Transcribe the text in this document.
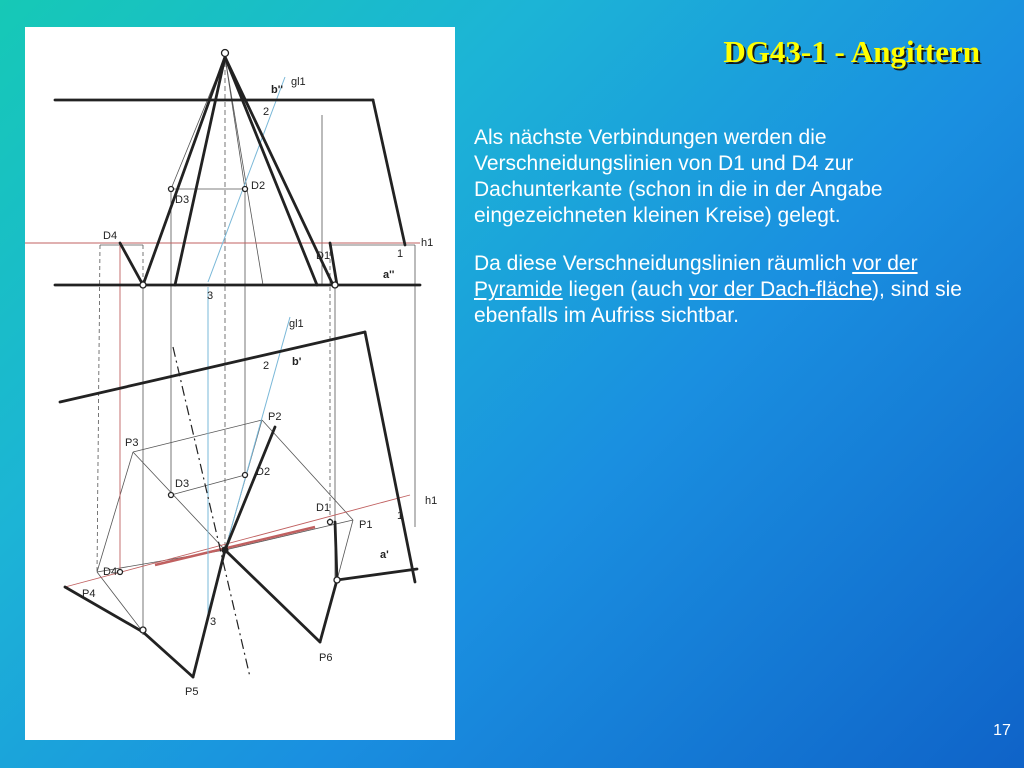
gl1
b''
2
D2
D3
D4
D1	1
h1
a''
3
gl1
2 b'
P2
P3
D2
D3
D1
P1
1
h1
a'
D4
P4
3
P6
P5
DG43-1 - Angittern

Als nächste Verbindungen werden die Verschneidungslinien von D1 und D4 zur Dachunterkante (schon in die in der Angabe eingezeichneten kleinen Kreise) gelegt.

Da diese Verschneidungslinien räumlich vor der Pyramide liegen (auch vor der Dach-fläche), sind sie ebenfalls im Aufriss sichtbar.

17
